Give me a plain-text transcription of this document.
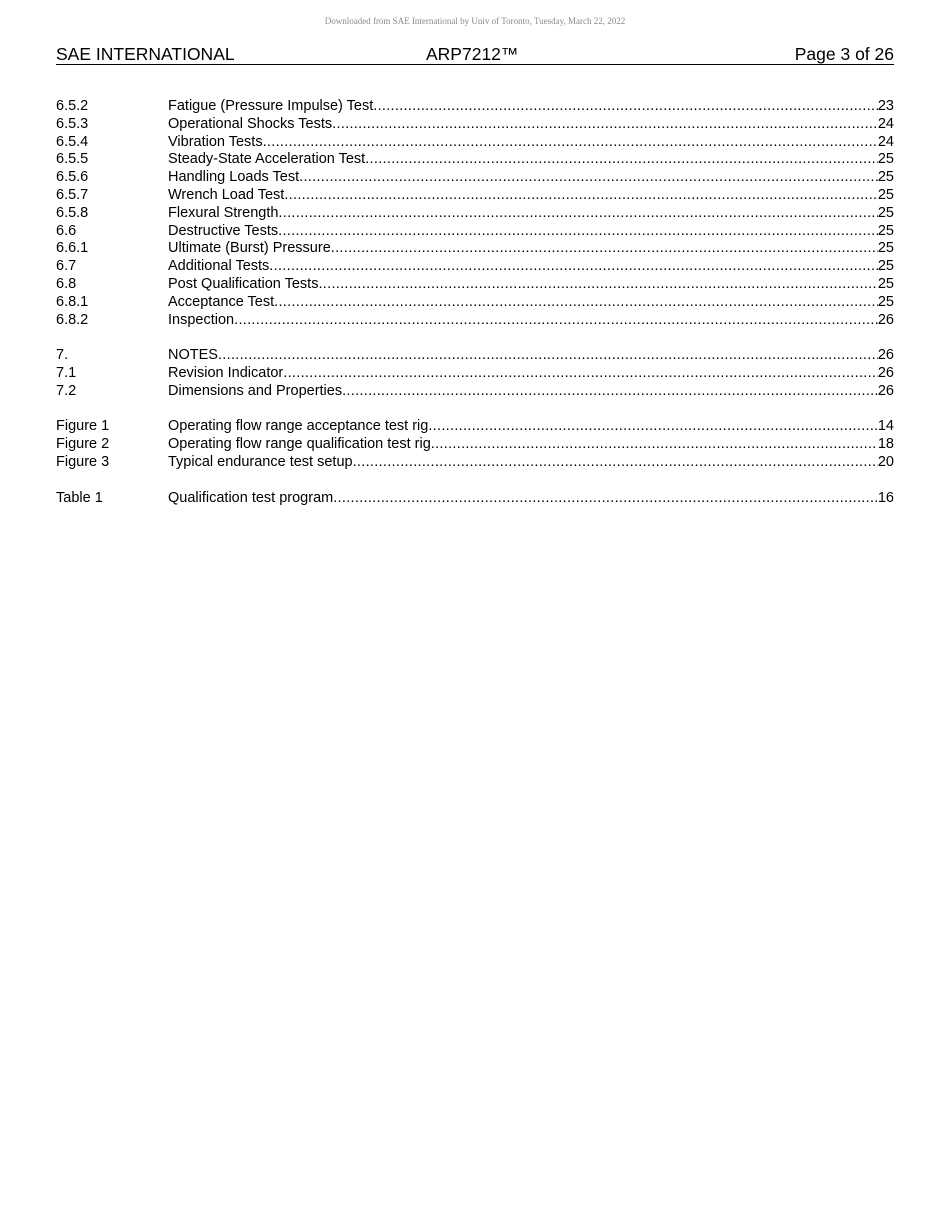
Downloaded from SAE International by Univ of Toronto, Tuesday, March 22, 2022
SAE INTERNATIONAL	ARP7212™	Page 3 of 26
6.5.2	Fatigue (Pressure Impulse) Test .....	23
6.5.3	Operational Shocks Tests .....	24
6.5.4	Vibration Tests .....	24
6.5.5	Steady-State Acceleration Test .....	25
6.5.6	Handling Loads Test .....	25
6.5.7	Wrench Load Test .....	25
6.5.8	Flexural Strength .....	25
6.6	Destructive Tests .....	25
6.6.1	Ultimate (Burst) Pressure .....	25
6.7	Additional Tests .....	25
6.8	Post Qualification Tests .....	25
6.8.1	Acceptance Test .....	25
6.8.2	Inspection .....	26
7.	NOTES .....	26
7.1	Revision Indicator .....	26
7.2	Dimensions and Properties .....	26
Figure 1	Operating flow range acceptance test rig .....	14
Figure 2	Operating flow range qualification test rig .....	18
Figure 3	Typical endurance test setup .....	20
Table 1	Qualification test program .....	16
